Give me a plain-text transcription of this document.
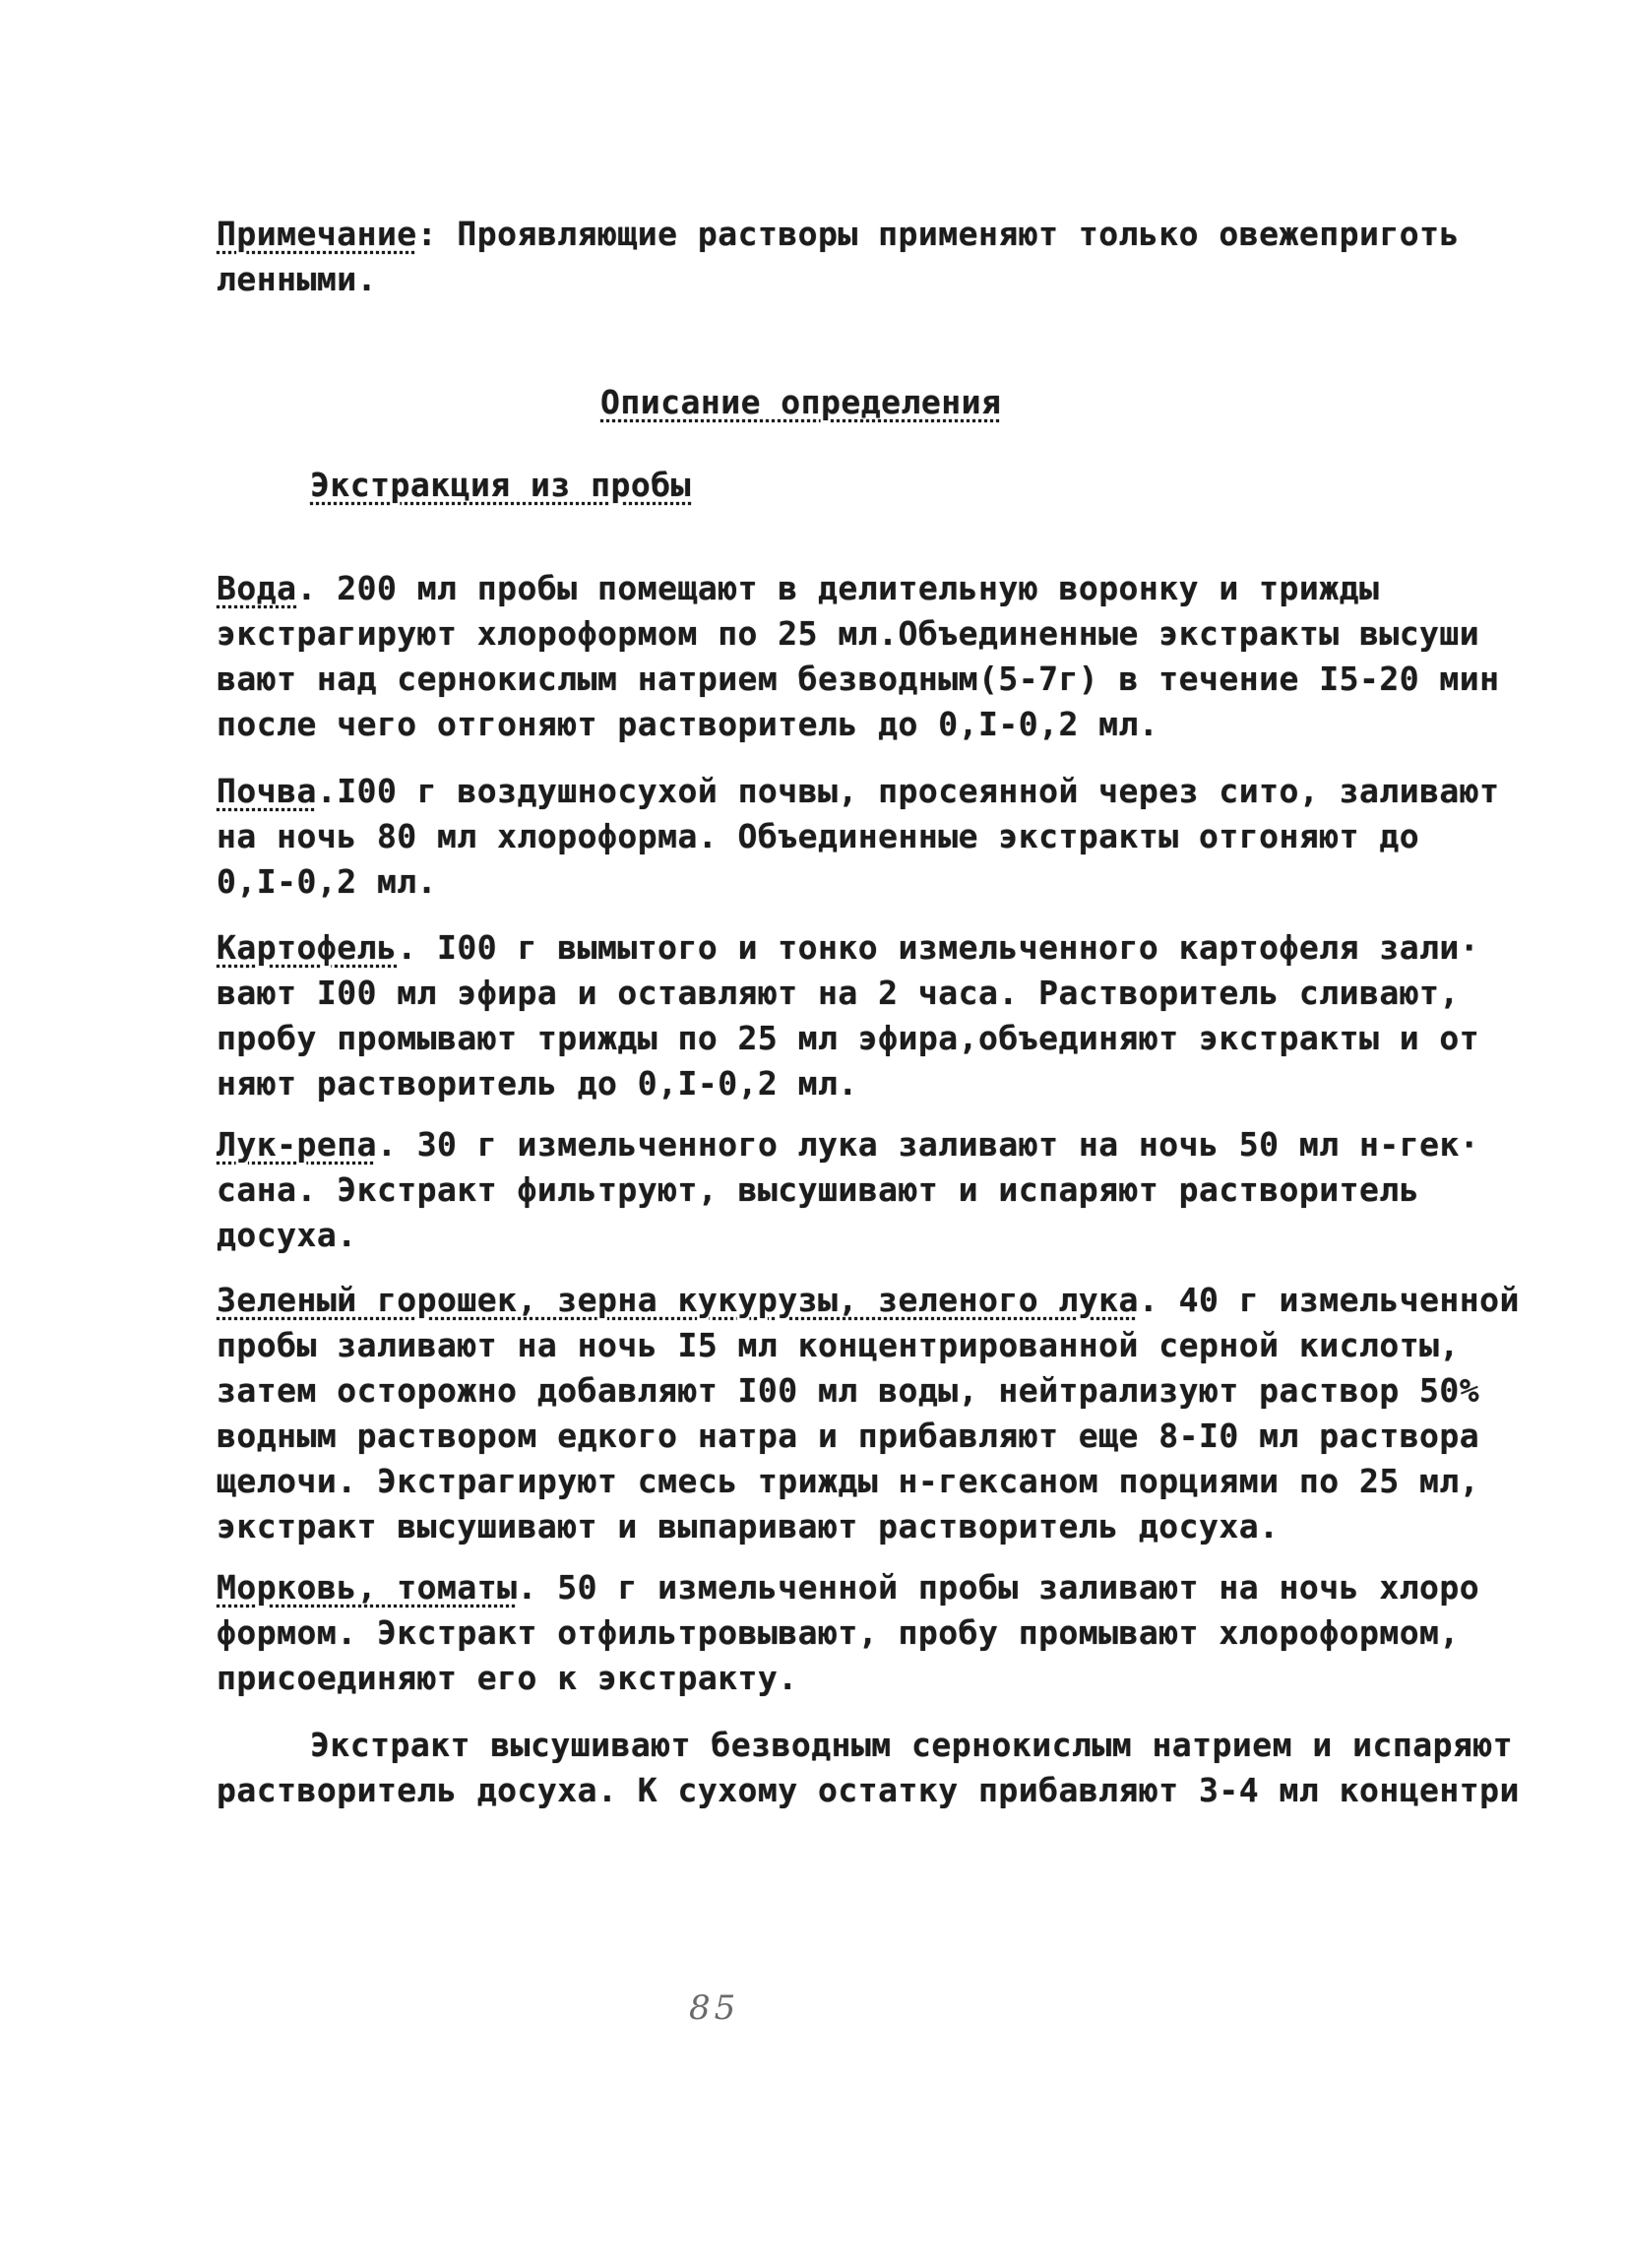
Примечание: Проявляющие растворы применяют только овежеприготь
ленными.
Описание определения
Экстракция из пробы
Вода. 200 мл пробы помещают в делительную воронку и трижды
экстрагируют хлороформом по 25 мл.Объединенные экстракты высуши
вают над сернокислым натрием безводным(5-7г) в течение I5-20 мин
после чего отгоняют растворитель до 0,I-0,2 мл.
Почва.I00 г воздушносухой почвы, просеянной через сито, заливают
на ночь 80 мл хлороформа. Объединенные экстракты отгоняют до
0,I-0,2 мл.
Картофель. I00 г вымытого и тонко измельченного картофеля зали·
вают I00 мл эфира и оставляют на 2 часа. Растворитель сливают,
пробу промывают трижды по 25 мл эфира,объединяют экстракты и от
няют растворитель до 0,I-0,2 мл.
Лук-репа. 30 г измельченного лука заливают на ночь 50 мл н-гек·
сана. Экстракт фильтруют, высушивают и испаряют растворитель
досуха.
Зеленый горошек, зерна кукурузы, зеленого лука. 40 г измельченной
пробы заливают на ночь I5 мл концентрированной серной кислоты,
затем осторожно добавляют I00 мл воды, нейтрализуют раствор 50%
водным раствором едкого натра и прибавляют еще 8-I0 мл раствора
щелочи. Экстрагируют смесь трижды н-гексаном порциями по 25 мл,
экстракт высушивают и выпаривают растворитель досуха.
Морковь, томаты. 50 г измельченной пробы заливают на ночь хлоро
формом. Экстракт отфильтровывают, пробу промывают хлороформом,
присоединяют его к экстракту.
Экстракт высушивают безводным сернокислым натрием и испаряют
растворитель досуха. К сухому остатку прибавляют 3-4 мл концентри
85
